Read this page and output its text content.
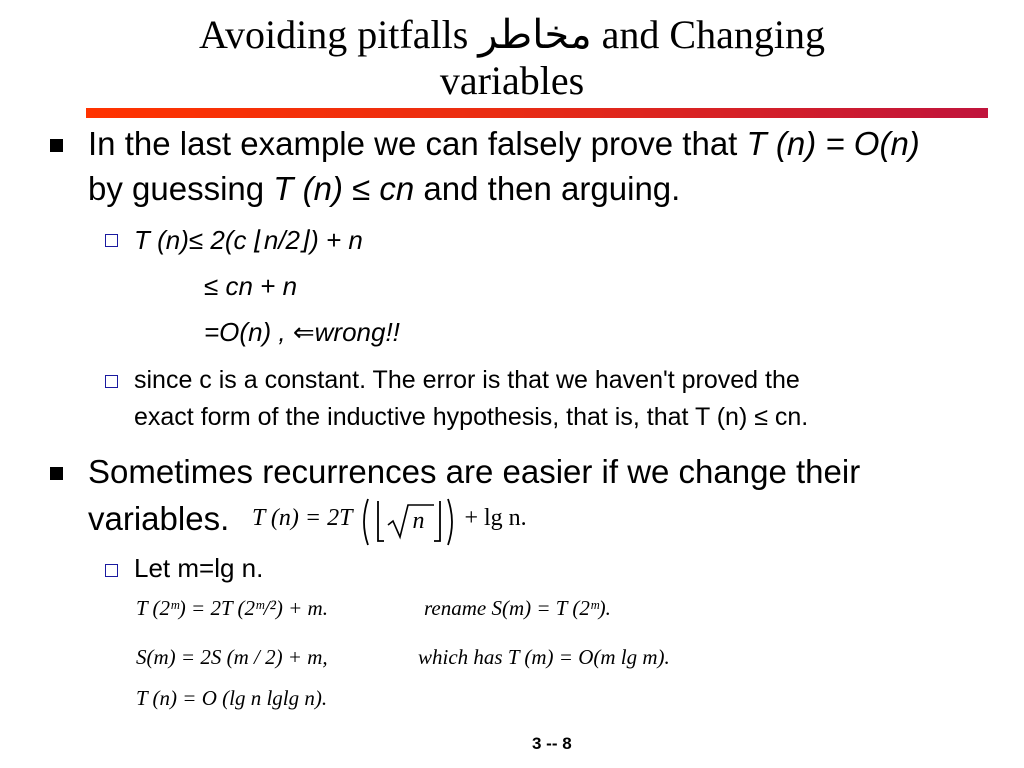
Avoiding pitfalls مخاطر and Changing
variables
In the last example we can falsely prove that T (n) = O(n)
by guessing T (n) ≤ cn and then arguing.
T (n)≤ 2(c ⌊n/2⌋) + n
≤ cn + n
=O(n) , ⇐wrong!!
since c is a constant. The error is that we haven't proved the
exact form of the inductive hypothesis, that is, that T (n) ≤ cn.
Sometimes recurrences are easier if we change their
variables. T (n) = 2T	n + lg n.
Let m=lg n.
T (2ᵐ) = 2T (2ᵐ/²) + m.	rename S(m) = T (2ᵐ).
S(m) = 2S (m / 2) + m,	which has T (m) = O(m lg m).
T (n) = O (lg n lglg n).
3 -- 8
